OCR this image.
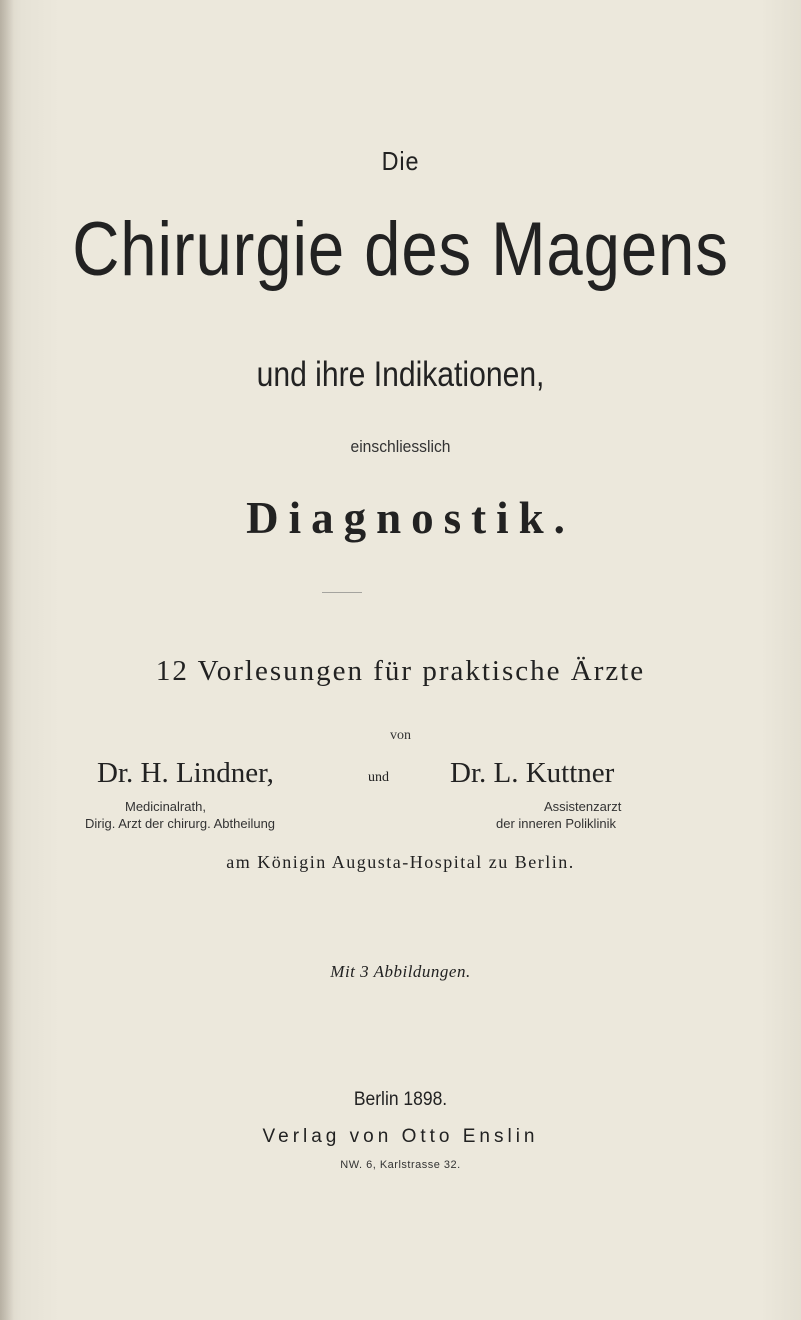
Die
Chirurgie des Magens
und ihre Indikationen,
einschliesslich
Diagnostik.
12 Vorlesungen für praktische Ärzte
von
Dr. H. Lindner,	und Dr. L. Kuttner
Medicinalrath,
Dirig. Arzt der chirurg. Abtheilung
Assistenzarzt
der inneren Poliklinik
am Königin Augusta-Hospital zu Berlin.
Mit 3 Abbildungen.
Berlin 1898.
Verlag von Otto Enslin
NW. 6, Karlstrasse 32.
